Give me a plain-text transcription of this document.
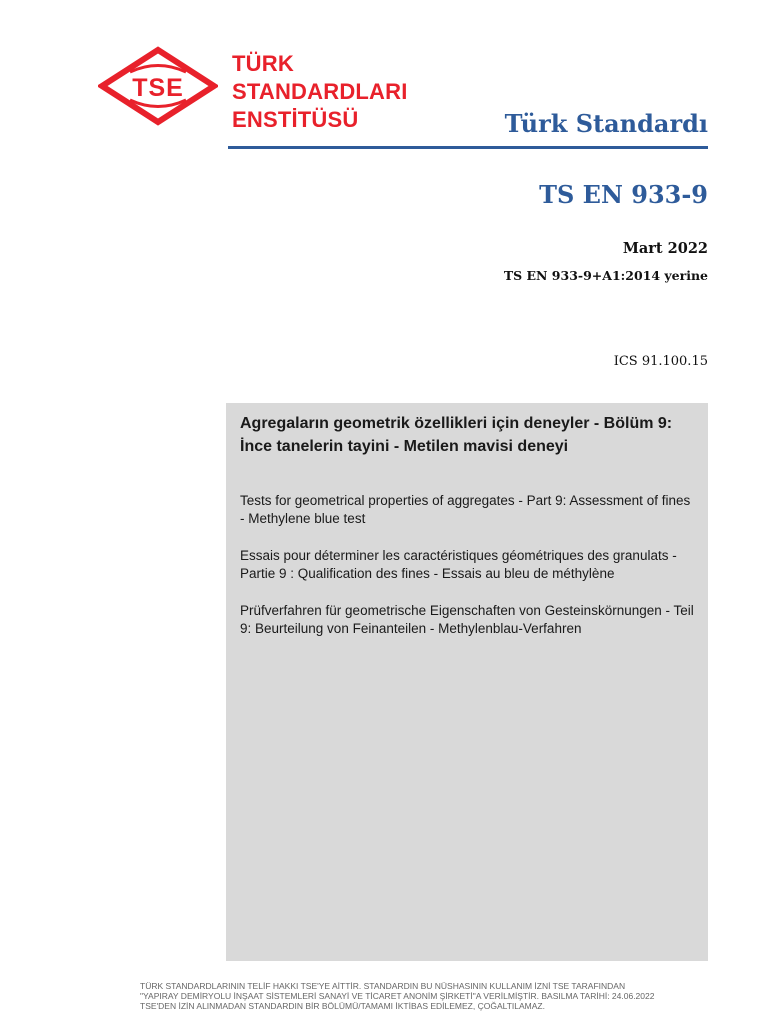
TSE
TÜRK
STANDARDLARI
ENSTİTÜSÜ	Türk Standardı
TS EN 933-9
Mart 2022
TS EN 933-9+A1:2014 yerine
ICS 91.100.15

Agregaların geometrik özellikleri için deneyler - Bölüm 9: İnce tanelerin tayini - Metilen mavisi deneyi

Tests for geometrical properties of aggregates - Part 9: Assessment of fines - Methylene blue test

Essais pour déterminer les caractéristiques géométriques des granulats - Partie 9 : Qualification des fines - Essais au bleu de méthylène

Prüfverfahren für geometrische Eigenschaften von Gesteinskörnungen - Teil 9: Beurteilung von Feinanteilen - Methylenblau-Verfahren

TÜRK STANDARDLARININ TELİF HAKKI TSE'YE AİTTİR. STANDARDIN BU NÜSHASININ KULLANIM İZNİ TSE TARAFINDAN
"YAPIRAY DEMİRYOLU İNŞAAT SİSTEMLERİ SANAYİ VE TİCARET ANONİM ŞİRKETİ"A VERİLMİŞTİR. BASILMA TARİHİ: 24.06.2022
TSE'DEN İZİN ALINMADAN STANDARDIN BİR BÖLÜMÜ/TAMAMI İKTİBAS EDİLEMEZ, ÇOĞALTILAMAZ.
